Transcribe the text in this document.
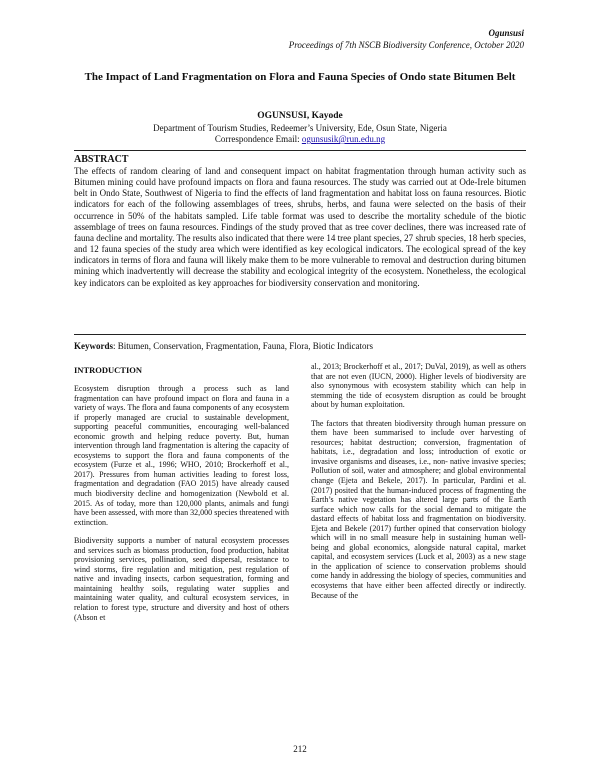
Ogunsusi
Proceedings of 7th NSCB Biodiversity Conference, October 2020
The Impact of Land Fragmentation on Flora and Fauna Species of Ondo state Bitumen Belt
OGUNSUSI, Kayode
Department of Tourism Studies, Redeemer’s University, Ede, Osun State, Nigeria
Correspondence Email: ogunsusik@run.edu.ng
ABSTRACT
The effects of random clearing of land and consequent impact on habitat fragmentation through human activity such as Bitumen mining could have profound impacts on flora and fauna resources. The study was carried out at Ode-Irele bitumen belt in Ondo State, Southwest of Nigeria to find the effects of land fragmentation and habitat loss on fauna resources. Biotic indicators for each of the following assemblages of trees, shrubs, herbs, and fauna were selected on the basis of their occurrence in 50% of the habitats sampled. Life table format was used to describe the mortality schedule of the biotic assemblage of trees on fauna resources. Findings of the study proved that as tree cover declines, there was increased rate of fauna decline and mortality. The results also indicated that there were 14 tree plant species, 27 shrub species, 18 herb species, and 12 fauna species of the study area which were identified as key ecological indicators. The ecological spread of the key indicators in terms of flora and fauna will likely make them to be more vulnerable to removal and destruction during bitumen mining which inadvertently will decrease the stability and ecological integrity of the ecosystem. Nonetheless, the ecological key indicators can be exploited as key approaches for biodiversity conservation and monitoring.
Keywords: Bitumen, Conservation, Fragmentation, Fauna, Flora, Biotic Indicators

INTRODUCTION

Ecosystem disruption through a process such as land fragmentation can have profound impact on flora and fauna in a variety of ways. The flora and fauna components of any ecosystem if properly managed are crucial to sustainable development, supporting peaceful communities, encouraging well-balanced economic growth and helping reduce poverty. But, human intervention through land fragmentation is altering the capacity of ecosystems to support the flora and fauna components of the ecosystem (Furze et al., 1996; WHO, 2010; Brockerhoff et al., 2017). Pressures from human activities leading to forest loss, fragmentation and degradation (FAO 2015) have already caused much biodiversity decline and homogenization (Newbold et al. 2015. As of today, more than 120,000 plants, animals and fungi have been assessed, with more than 32,000 species threatened with extinction.

Biodiversity supports a number of natural ecosystem processes and services such as biomass production, food production, habitat provisioning services, pollination, seed dispersal, resistance to wind storms, fire regulation and mitigation, pest regulation of native and invading insects, carbon sequestration, forming and maintaining healthy soils, regulating water supplies and maintaining water quality, and cultural ecosystem services, in relation to forest type, structure and diversity and host of others (Abson et

al., 2013; Brockerhoff et al., 2017; DuVal, 2019), as well as others that are not even (IUCN, 2000). Higher levels of biodiversity are also synonymous with ecosystem stability which can help in stemming the tide of ecosystem disruption as could be brought about by human exploitation.

The factors that threaten biodiversity through human pressure on them have been summarised to include over harvesting of resources; habitat destruction; conversion, fragmentation of habitats, i.e., degradation and loss; introduction of exotic or invasive organisms and diseases, i.e., non- native invasive species; Pollution of soil, water and atmosphere; and global environmental change (Ejeta and Bekele, 2017). In particular, Pardini et al. (2017) posited that the human-induced process of fragmenting the Earth’s native vegetation has altered large parts of the Earth surface which now calls for the social demand to mitigate the dastard effects of habitat loss and fragmentation on biodiversity. Ejeta and Bekele (2017) further opined that conservation biology which will in no small measure help in sustaining human well-being and global economics, alongside natural capital, market capital, and ecosystem services (Luck et al, 2003) as a new stage in the application of science to conservation problems should come handy in addressing the biology of species, communities and ecosystems that have either been affected directly or indirectly. Because of the

212
